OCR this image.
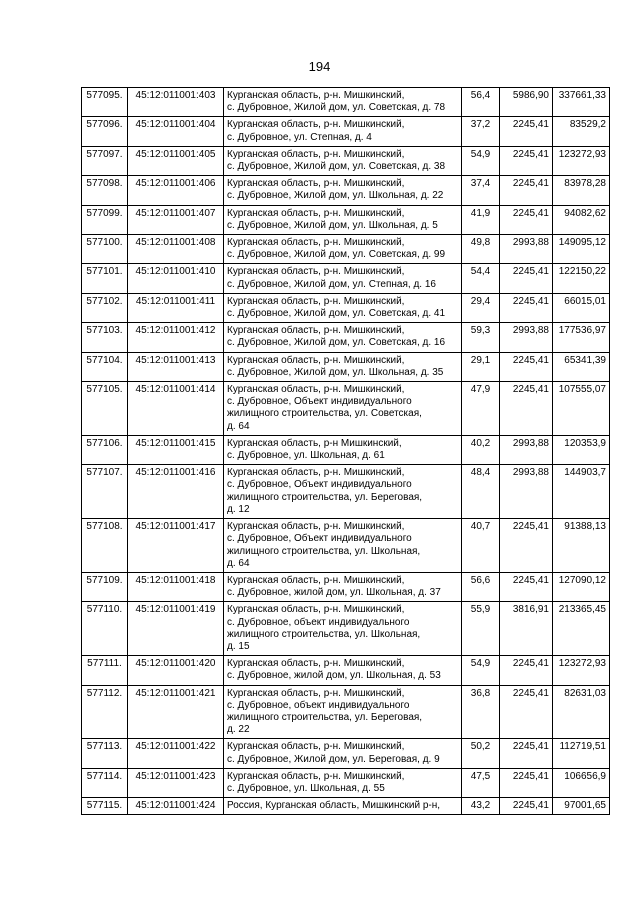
194
577095.	45:12:011001:403	Курганская область, р-н. Мишкинский,
с. Дубровное, Жилой дом, ул. Советская, д. 78	56,4	5986,90	337661,33
577096.	45:12:011001:404	Курганская область, р-н. Мишкинский,
с. Дубровное, ул. Степная, д. 4	37,2	2245,41	83529,2
577097.	45:12:011001:405	Курганская область, р-н. Мишкинский,
с. Дубровное, Жилой дом, ул. Советская, д. 38	54,9	2245,41	123272,93
577098.	45:12:011001:406	Курганская область, р-н. Мишкинский,
с. Дубровное, Жилой дом, ул. Школьная, д. 22	37,4	2245,41	83978,28
577099.	45:12:011001:407	Курганская область, р-н. Мишкинский,
с. Дубровное, Жилой дом, ул. Школьная, д. 5	41,9	2245,41	94082,62
577100.	45:12:011001:408	Курганская область, р-н. Мишкинский,
с. Дубровное, Жилой дом, ул. Советская, д. 99	49,8	2993,88	149095,12
577101.	45:12:011001:410	Курганская область, р-н. Мишкинский,
с. Дубровное, Жилой дом, ул. Степная, д. 16	54,4	2245,41	122150,22
577102.	45:12:011001:411	Курганская область, р-н. Мишкинский,
с. Дубровное, Жилой дом, ул. Советская, д. 41	29,4	2245,41	66015,01
577103.	45:12:011001:412	Курганская область, р-н. Мишкинский,
с. Дубровное, Жилой дом, ул. Советская, д. 16	59,3	2993,88	177536,97
577104.	45:12:011001:413	Курганская область, р-н. Мишкинский,
с. Дубровное, Жилой дом, ул. Школьная, д. 35	29,1	2245,41	65341,39
577105.	45:12:011001:414	Курганская область, р-н. Мишкинский,
с. Дубровное, Объект индивидуального
жилищного строительства, ул. Советская,
д. 64	47,9	2245,41	107555,07
577106.	45:12:011001:415	Курганская область, р-н Мишкинский,
с. Дубровное, ул. Школьная, д. 61	40,2	2993,88	120353,9
577107.	45:12:011001:416	Курганская область, р-н. Мишкинский,
с. Дубровное, Объект индивидуального
жилищного строительства, ул. Береговая,
д. 12	48,4	2993,88	144903,7
577108.	45:12:011001:417	Курганская область, р-н. Мишкинский,
с. Дубровное, Объект индивидуального
жилищного строительства, ул. Школьная,
д. 64	40,7	2245,41	91388,13
577109.	45:12:011001:418	Курганская область, р-н. Мишкинский,
с. Дубровное, жилой дом, ул. Школьная, д. 37	56,6	2245,41	127090,12
577110.	45:12:011001:419	Курганская область, р-н. Мишкинский,
с. Дубровное, объект индивидуального
жилищного строительства, ул. Школьная,
д. 15	55,9	3816,91	213365,45
577111.	45:12:011001:420	Курганская область, р-н. Мишкинский,
с. Дубровное, жилой дом, ул. Школьная, д. 53	54,9	2245,41	123272,93
577112.	45:12:011001:421	Курганская область, р-н. Мишкинский,
с. Дубровное, объект индивидуального
жилищного строительства, ул. Береговая,
д. 22	36,8	2245,41	82631,03
577113.	45:12:011001:422	Курганская область, р-н. Мишкинский,
с. Дубровное, Жилой дом, ул. Береговая, д. 9	50,2	2245,41	112719,51
577114.	45:12:011001:423	Курганская область, р-н. Мишкинский,
с. Дубровное, ул. Школьная, д. 55	47,5	2245,41	106656,9
577115.	45:12:011001:424	Россия, Курганская область, Мишкинский р-н,	43,2	2245,41	97001,65
